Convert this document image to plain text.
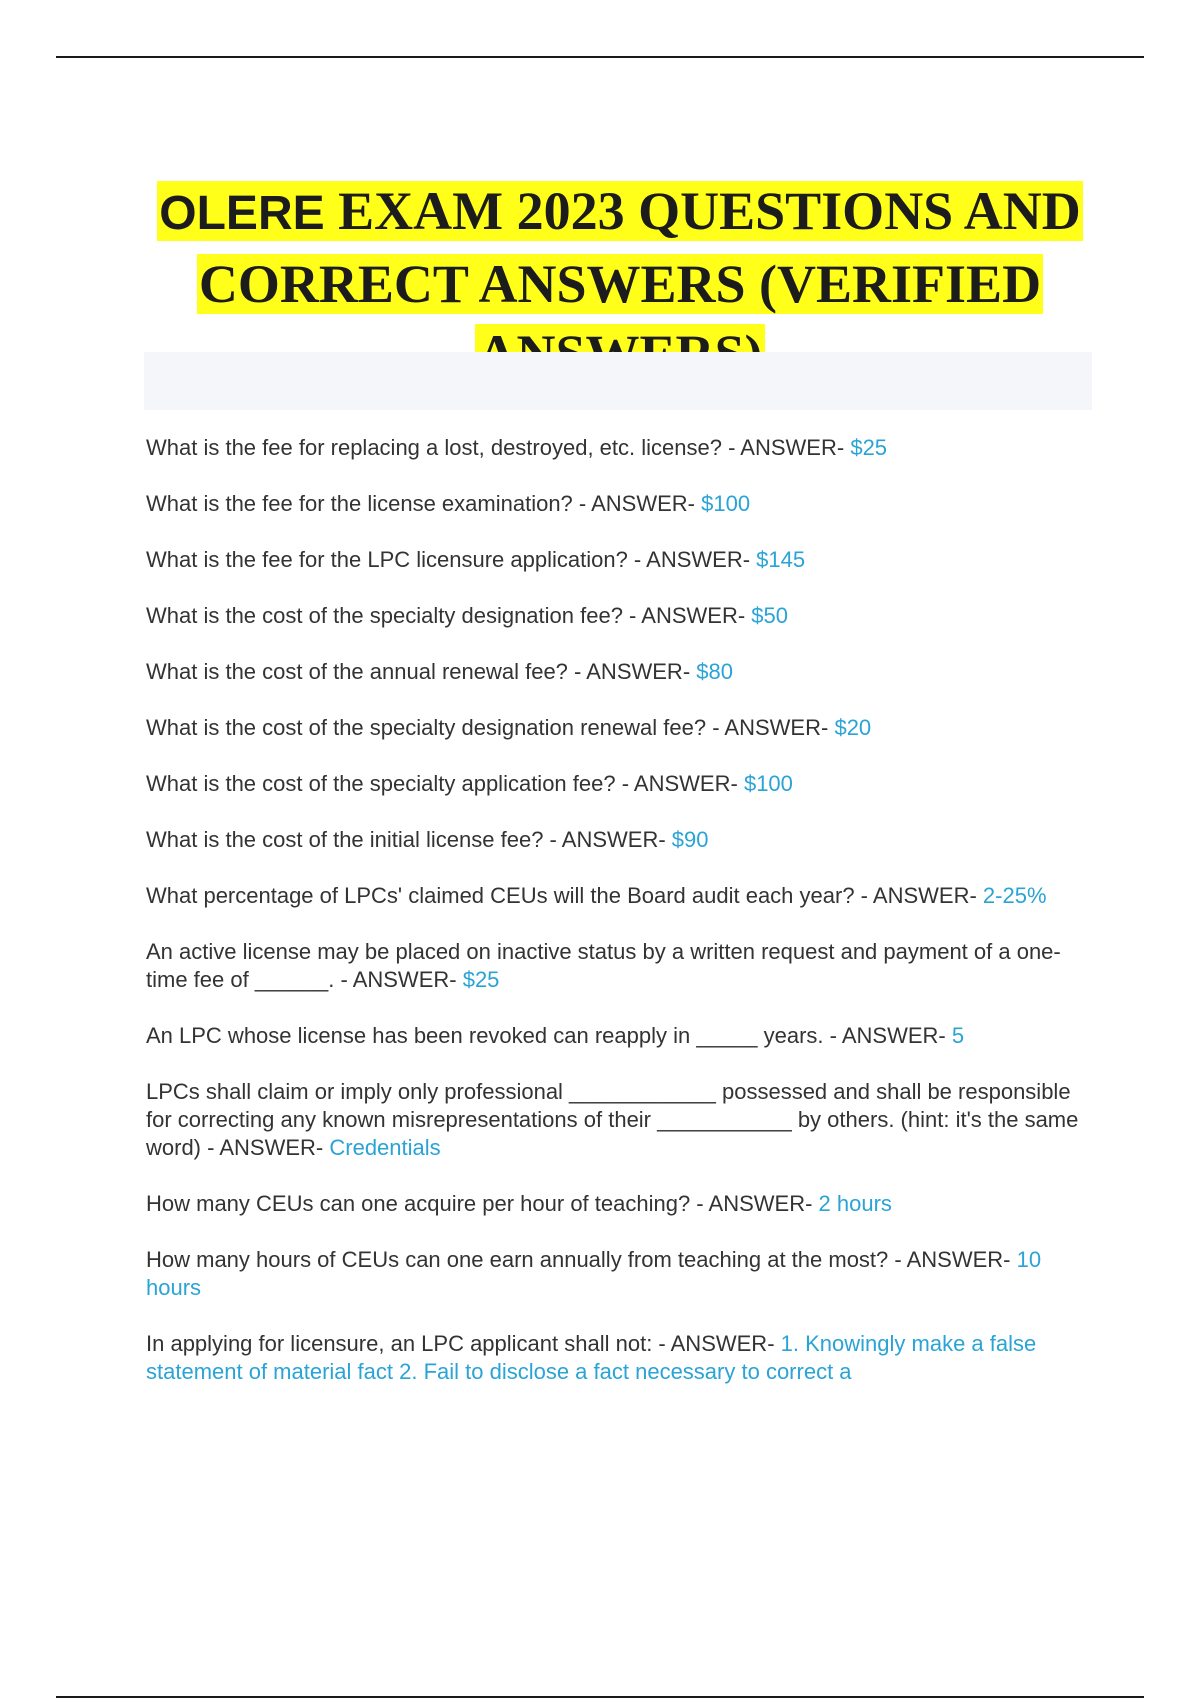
OLERE EXAM 2023 QUESTIONS AND CORRECT ANSWERS (VERIFIED

What is the fee for replacing a lost, destroyed, etc. license? - ANSWER- $25

What is the fee for the license examination? - ANSWER- $100

What is the fee for the LPC licensure application? - ANSWER- $145

What is the cost of the specialty designation fee? - ANSWER- $50

What is the cost of the annual renewal fee? - ANSWER- $80

What is the cost of the specialty designation renewal fee? - ANSWER- $20

What is the cost of the specialty application fee? - ANSWER- $100

What is the cost of the initial license fee? - ANSWER- $90

What percentage of LPCs' claimed CEUs will the Board audit each year? - ANSWER- 2-25%

An active license may be placed on inactive status by a written request and payment of a one-time fee of ______. - ANSWER- $25

An LPC whose license has been revoked can reapply in _____ years. - ANSWER- 5

LPCs shall claim or imply only professional ____________ possessed and shall be responsible for correcting any known misrepresentations of their ___________ by others. (hint: it's the same word) - ANSWER- Credentials

How many CEUs can one acquire per hour of teaching? - ANSWER- 2 hours

How many hours of CEUs can one earn annually from teaching at the most? - ANSWER- 10 hours

In applying for licensure, an LPC applicant shall not: - ANSWER- 1. Knowingly make a false statement of material fact 2. Fail to disclose a fact necessary to correct a
